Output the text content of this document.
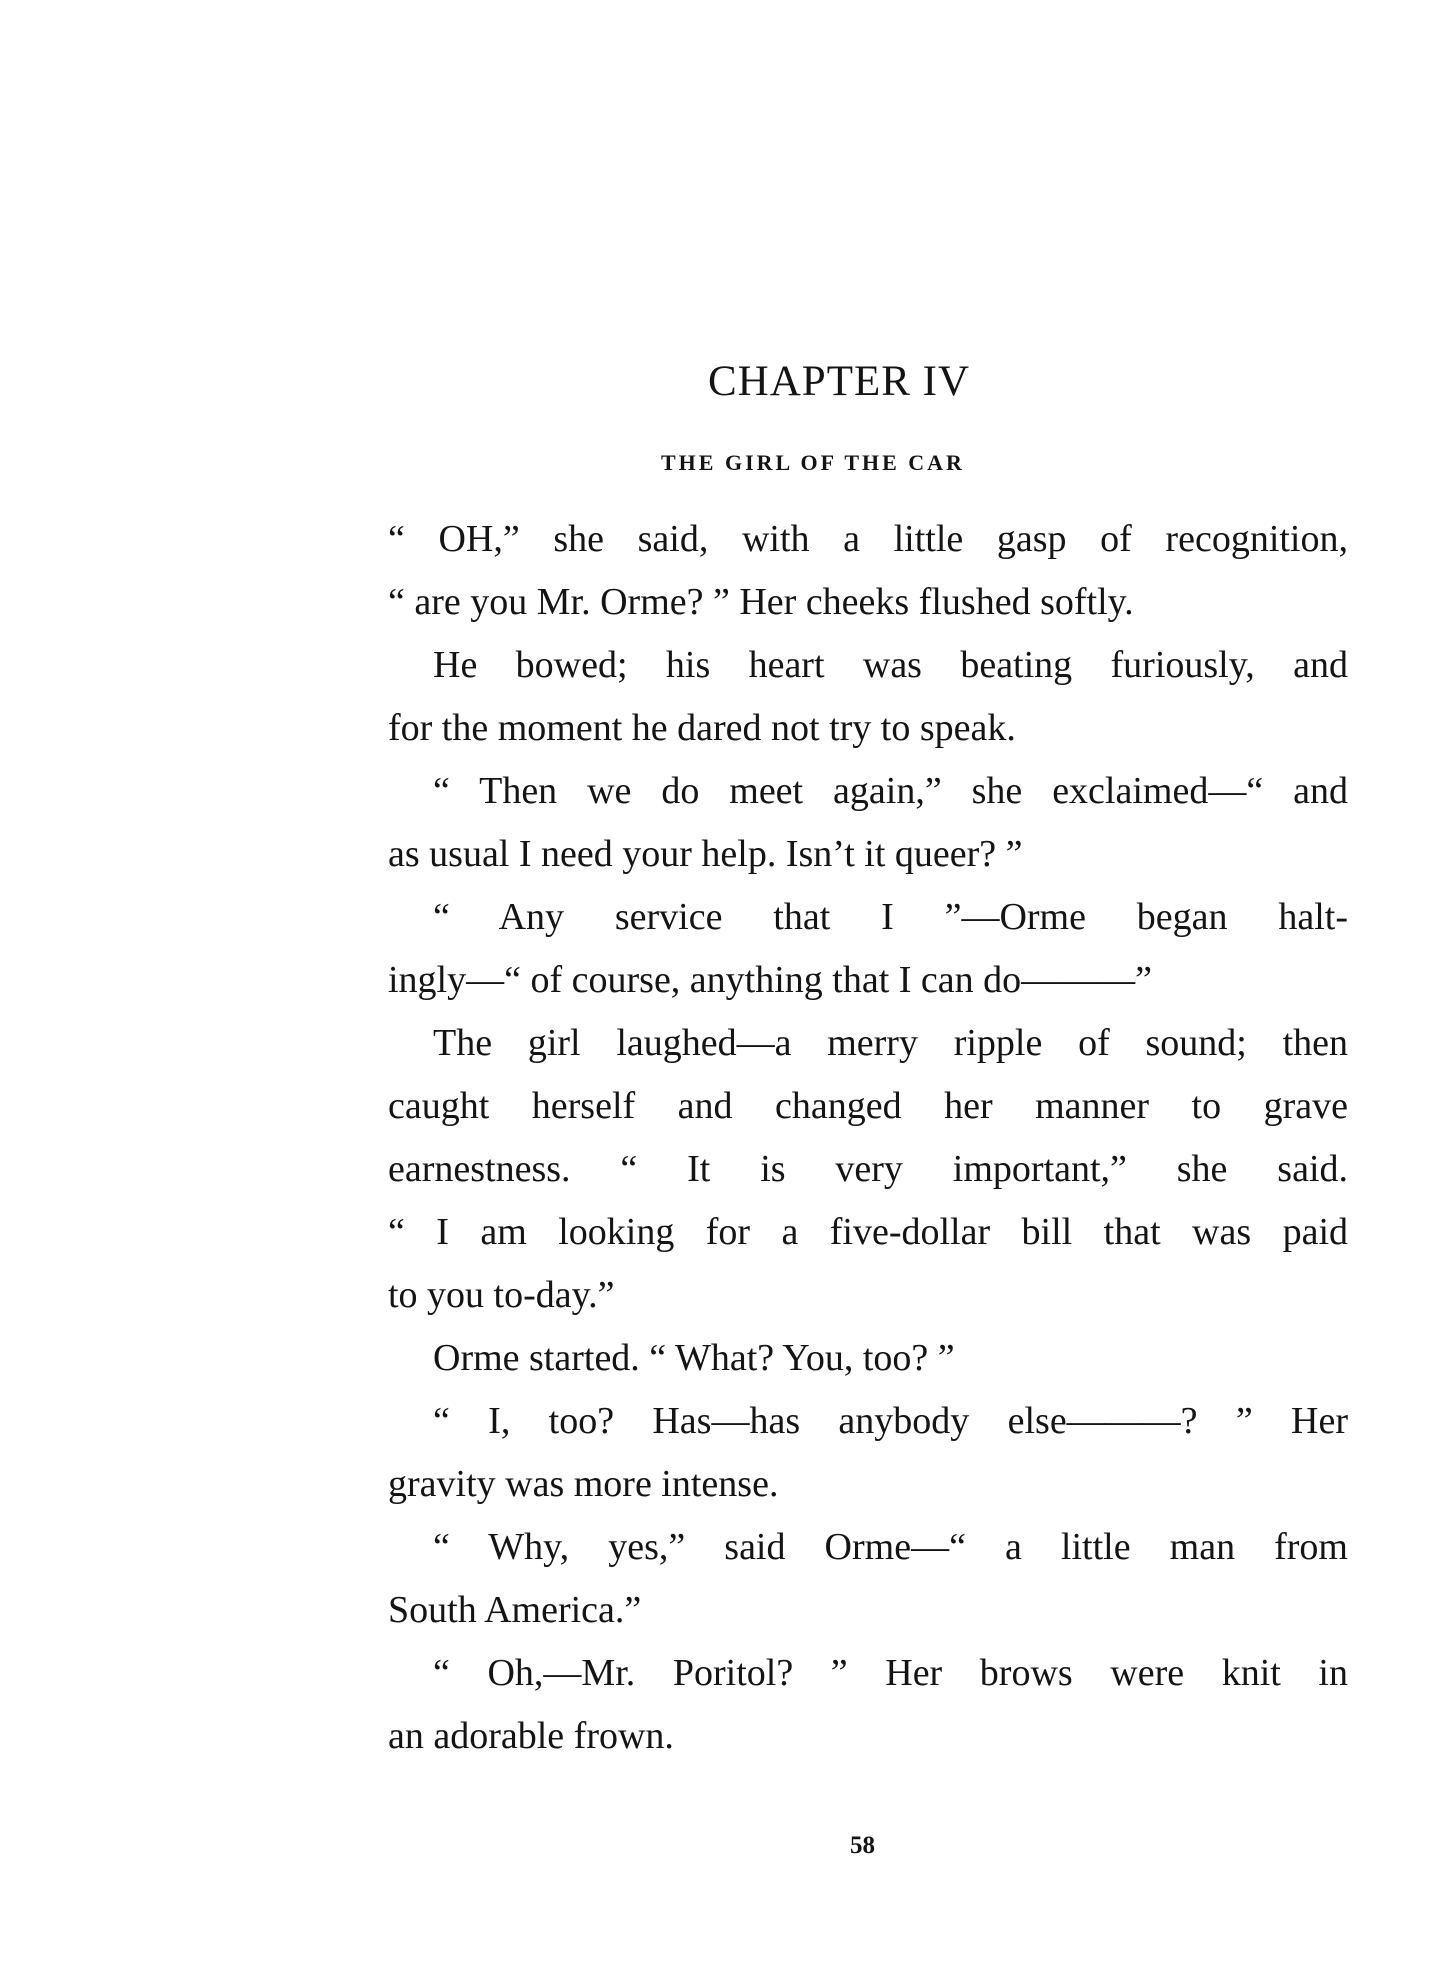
CHAPTER IV
THE GIRL OF THE CAR
“ OH,” she said, with a little gasp of recognition,
“ are you Mr. Orme? ” Her cheeks flushed softly.
He bowed; his heart was beating furiously, and
for the moment he dared not try to speak.
“ Then we do meet again,” she exclaimed—“ and
as usual I need your help. Isn’t it queer? ”
“ Any service that I ”—Orme began halt-
ingly—“ of course, anything that I can do———”
The girl laughed—a merry ripple of sound; then
caught herself and changed her manner to grave
earnestness. “ It is very important,” she said.
“ I am looking for a five-dollar bill that was paid
to you to-day.”
Orme started. “ What? You, too? ”
“ I, too? Has—has anybody else———? ” Her
gravity was more intense.
“ Why, yes,” said Orme—“ a little man from
South America.”
“ Oh,—Mr. Poritol? ” Her brows were knit in
an adorable frown.
58
